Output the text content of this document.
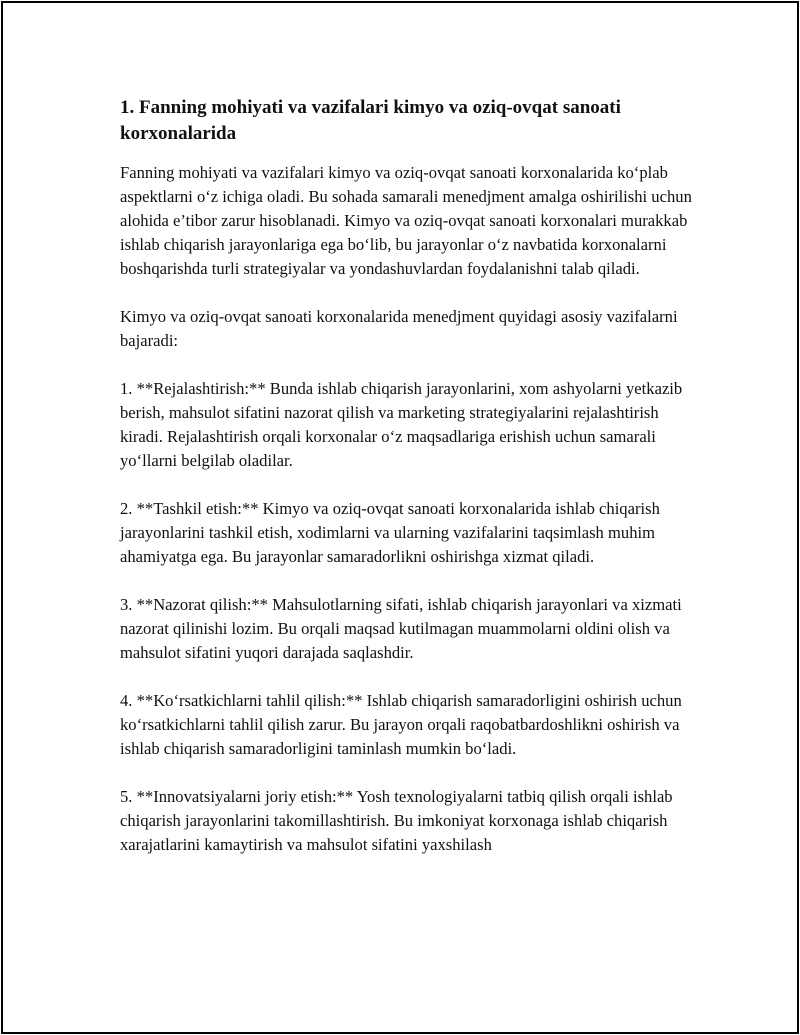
1. Fanning mohiyati va vazifalari kimyo va oziq-ovqat sanoati korxonalarida

Fanning mohiyati va vazifalari kimyo va oziq-ovqat sanoati korxonalarida ko‘plab aspektlarni o‘z ichiga oladi. Bu sohada samarali menedjment amalga oshirilishi uchun alohida e’tibor zarur hisoblanadi. Kimyo va oziq-ovqat sanoati korxonalari murakkab ishlab chiqarish jarayonlariga ega bo‘lib, bu jarayonlar o‘z navbatida korxonalarni boshqarishda turli strategiyalar va yondashuvlardan foydalanishni talab qiladi.

Kimyo va oziq-ovqat sanoati korxonalarida menedjment quyidagi asosiy vazifalarni bajaradi:

1. **Rejalashtirish:** Bunda ishlab chiqarish jarayonlarini, xom ashyolarni yetkazib berish, mahsulot sifatini nazorat qilish va marketing strategiyalarini rejalashtirish kiradi. Rejalashtirish orqali korxonalar o‘z maqsadlariga erishish uchun samarali yo‘llarni belgilab oladilar.

2. **Tashkil etish:** Kimyo va oziq-ovqat sanoati korxonalarida ishlab chiqarish jarayonlarini tashkil etish, xodimlarni va ularning vazifalarini taqsimlash muhim ahamiyatga ega. Bu jarayonlar samaradorlikni oshirishga xizmat qiladi.

3. **Nazorat qilish:** Mahsulotlarning sifati, ishlab chiqarish jarayonlari va xizmati nazorat qilinishi lozim. Bu orqali maqsad kutilmagan muammolarni oldini olish va mahsulot sifatini yuqori darajada saqlashdir.

4. **Ko‘rsatkichlarni tahlil qilish:** Ishlab chiqarish samaradorligini oshirish uchun ko‘rsatkichlarni tahlil qilish zarur. Bu jarayon orqali raqobatbardoshlikni oshirish va ishlab chiqarish samaradorligini taminlash mumkin bo‘ladi.

5. **Innovatsiyalarni joriy etish:** Yosh texnologiyalarni tatbiq qilish orqali ishlab chiqarish jarayonlarini takomillashtirish. Bu imkoniyat korxonaga ishlab chiqarish xarajatlarini kamaytirish va mahsulot sifatini yaxshilash
